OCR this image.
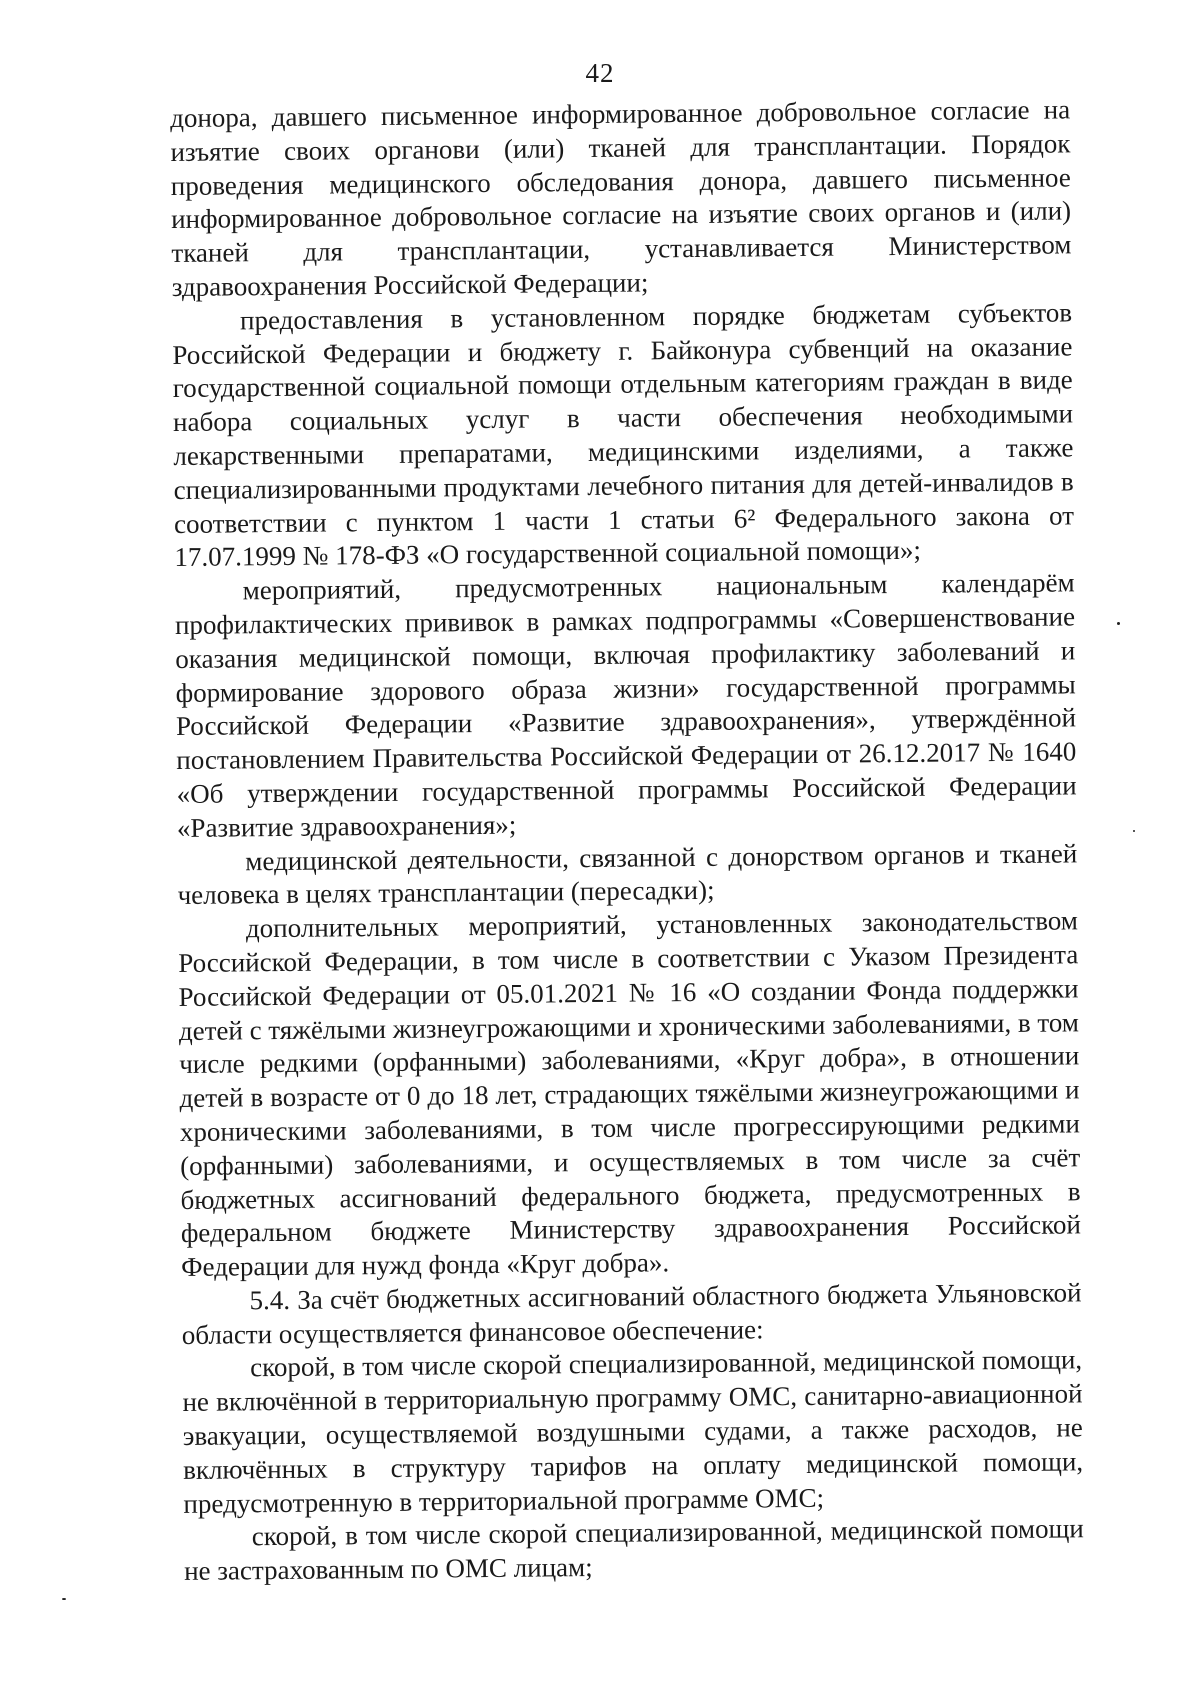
42

донора, давшего письменное информированное добровольное согласие на изъятие своих органови (или) тканей для трансплантации. Порядок проведения медицинского обследования донора, давшего письменное информированное добровольное согласие на изъятие своих органов и (или) тканей для трансплантации, устанавливается Министерством здравоохранения Российской Федерации;

предоставления в установленном порядке бюджетам субъектов Российской Федерации и бюджету г. Байконура субвенций на оказание государственной социальной помощи отдельным категориям граждан в виде набора социальных услуг в части обеспечения необходимыми лекарственными препаратами, медицинскими изделиями, а также специализированными продуктами лечебного питания для детей-инвалидов в соответствии с пунктом 1 части 1 статьи 6² Федерального закона от 17.07.1999 № 178-ФЗ «О государственной социальной помощи»;

мероприятий, предусмотренных национальным календарём профилактических прививок в рамках подпрограммы «Совершенствование оказания медицинской помощи, включая профилактику заболеваний и формирование здорового образа жизни» государственной программы Российской Федерации «Развитие здравоохранения», утверждённой постановлением Правительства Российской Федерации от 26.12.2017 № 1640 «Об утверждении государственной программы Российской Федерации «Развитие здравоохранения»;

медицинской деятельности, связанной с донорством органов и тканей человека в целях трансплантации (пересадки);

дополнительных мероприятий, установленных законодательством Российской Федерации, в том числе в соответствии с Указом Президента Российской Федерации от 05.01.2021 № 16 «О создании Фонда поддержки детей с тяжёлыми жизнеугрожающими и хроническими заболеваниями, в том числе редкими (орфанными) заболеваниями, «Круг добра», в отношении детей в возрасте от 0 до 18 лет, страдающих тяжёлыми жизнеугрожающими и хроническими заболеваниями, в том числе прогрессирующими редкими (орфанными) заболеваниями, и осуществляемых в том числе за счёт бюджетных ассигнований федерального бюджета, предусмотренных в федеральном бюджете Министерству здравоохранения Российской Федерации для нужд фонда «Круг добра».

5.4. За счёт бюджетных ассигнований областного бюджета Ульяновской области осуществляется финансовое обеспечение:

скорой, в том числе скорой специализированной, медицинской помощи, не включённой в территориальную программу ОМС, санитарно-авиационной эвакуации, осуществляемой воздушными судами, а также расходов, не включённых в структуру тарифов на оплату медицинской помощи, предусмотренную в территориальной программе ОМС;

скорой, в том числе скорой специализированной, медицинской помощи не застрахованным по ОМС лицам;
